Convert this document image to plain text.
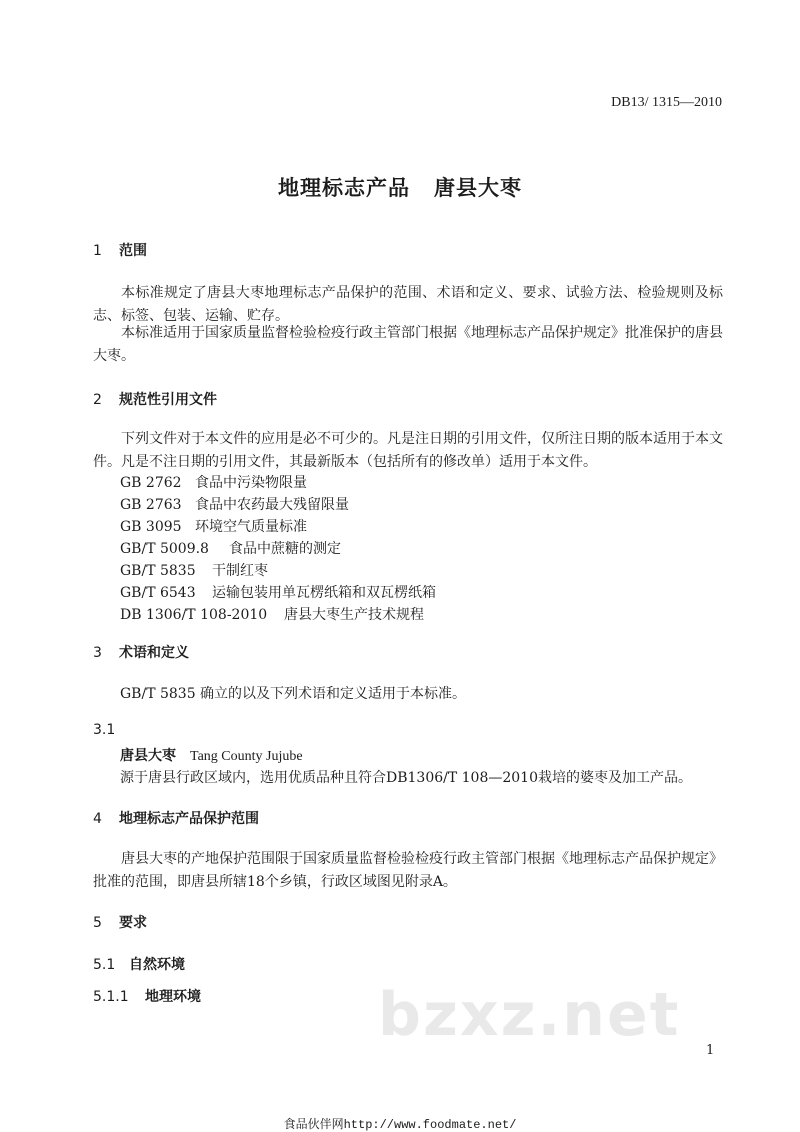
DB13/ 1315—2010
地理标志产品 唐县大枣
1 范围
本标准规定了唐县大枣地理标志产品保护的范围、术语和定义、要求、试验方法、检验规则及标志、标签、包装、运输、贮存。
本标准适用于国家质量监督检验检疫行政主管部门根据《地理标志产品保护规定》批准保护的唐县大枣。
2 规范性引用文件
下列文件对于本文件的应用是必不可少的。凡是注日期的引用文件，仅所注日期的版本适用于本文件。凡是不注日期的引用文件，其最新版本（包括所有的修改单）适用于本文件。
GB 2762 食品中污染物限量
GB 2763 食品中农药最大残留限量
GB 3095 环境空气质量标准
GB/T 5009.8 食品中蔗糖的测定
GB/T 5835 干制红枣
GB/T 6543 运输包装用单瓦楞纸箱和双瓦楞纸箱
DB 1306/T 108-2010 唐县大枣生产技术规程
3 术语和定义
GB/T 5835 确立的以及下列术语和定义适用于本标准。
3.1
唐县大枣 Tang County Jujube
源于唐县行政区域内，选用优质品种且符合DB1306/T 108—2010栽培的婆枣及加工产品。
4 地理标志产品保护范围
唐县大枣的产地保护范围限于国家质量监督检验检疫行政主管部门根据《地理标志产品保护规定》批准的范围，即唐县所辖18个乡镇，行政区域图见附录A。
5 要求
5.1 自然环境
5.1.1 地理环境	bzxz.net
1
食品伙伴网http://www.foodmate.net/
